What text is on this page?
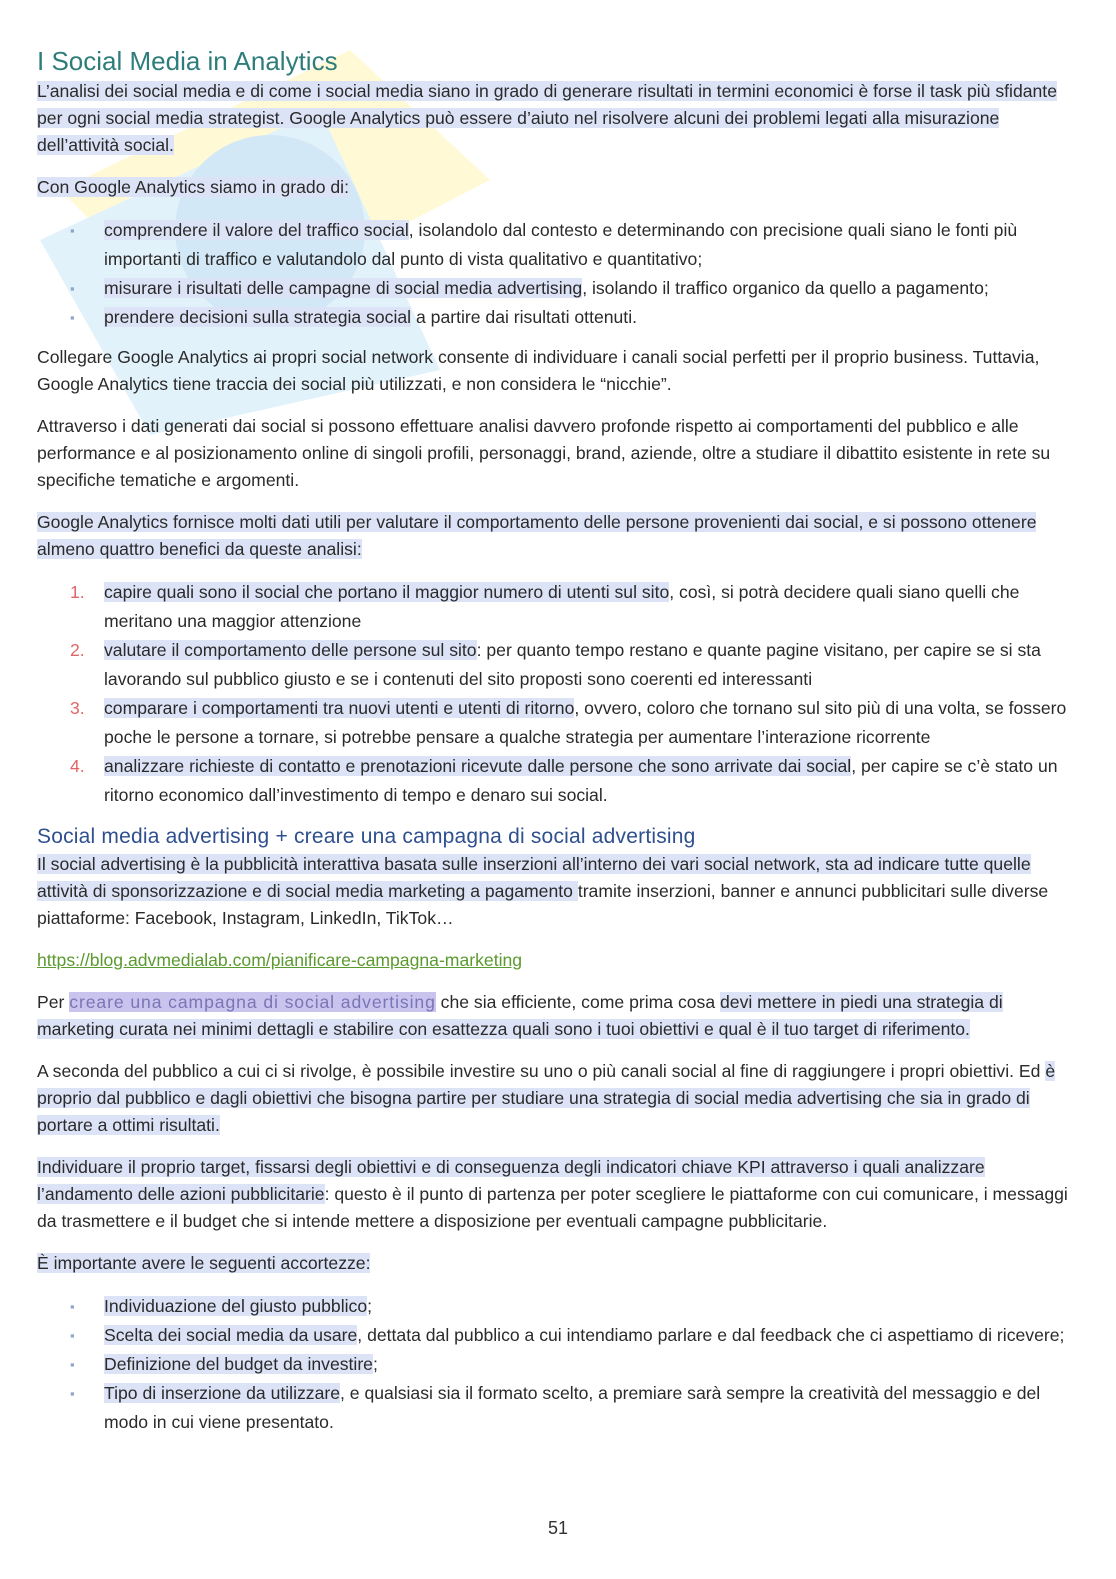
I Social Media in Analytics

L’analisi dei social media e di come i social media siano in grado di generare risultati in termini economici è forse il task più sfidante per ogni social media strategist. Google Analytics può essere d’aiuto nel risolvere alcuni dei problemi legati alla misurazione dell’attività social.

Con Google Analytics siamo in grado di:

▪ comprendere il valore del traffico social, isolandolo dal contesto e determinando con precisione quali siano le fonti più importanti di traffico e valutandolo dal punto di vista qualitativo e quantitativo;
▪ misurare i risultati delle campagne di social media advertising, isolando il traffico organico da quello a pagamento;
▪ prendere decisioni sulla strategia social a partire dai risultati ottenuti.

Collegare Google Analytics ai propri social network consente di individuare i canali social perfetti per il proprio business. Tuttavia, Google Analytics tiene traccia dei social più utilizzati, e non considera le “nicchie”.

Attraverso i dati generati dai social si possono effettuare analisi davvero profonde rispetto ai comportamenti del pubblico e alle performance e al posizionamento online di singoli profili, personaggi, brand, aziende, oltre a studiare il dibattito esistente in rete su specifiche tematiche e argomenti.

Google Analytics fornisce molti dati utili per valutare il comportamento delle persone provenienti dai social, e si possono ottenere almeno quattro benefici da queste analisi:

1. capire quali sono il social che portano il maggior numero di utenti sul sito, così, si potrà decidere quali siano quelli che meritano una maggior attenzione
2. valutare il comportamento delle persone sul sito: per quanto tempo restano e quante pagine visitano, per capire se si sta lavorando sul pubblico giusto e se i contenuti del sito proposti sono coerenti ed interessanti
3. comparare i comportamenti tra nuovi utenti e utenti di ritorno, ovvero, coloro che tornano sul sito più di una volta, se fossero poche le persone a tornare, si potrebbe pensare a qualche strategia per aumentare l’interazione ricorrente
4. analizzare richieste di contatto e prenotazioni ricevute dalle persone che sono arrivate dai social, per capire se c’è stato un ritorno economico dall’investimento di tempo e denaro sui social.
Social media advertising + creare una campagna di social advertising

Il social advertising è la pubblicità interattiva basata sulle inserzioni all’interno dei vari social network, sta ad indicare tutte quelle attività di sponsorizzazione e di social media marketing a pagamento tramite inserzioni, banner e annunci pubblicitari sulle diverse piattaforme: Facebook, Instagram, LinkedIn, TikTok…

https://blog.advmedialab.com/pianificare-campagna-marketing

Per creare una campagna di social advertising che sia efficiente, come prima cosa devi mettere in piedi una strategia di marketing curata nei minimi dettagli e stabilire con esattezza quali sono i tuoi obiettivi e qual è il tuo target di riferimento.

A seconda del pubblico a cui ci si rivolge, è possibile investire su uno o più canali social al fine di raggiungere i propri obiettivi. Ed è proprio dal pubblico e dagli obiettivi che bisogna partire per studiare una strategia di social media advertising che sia in grado di portare a ottimi risultati.

Individuare il proprio target, fissarsi degli obiettivi e di conseguenza degli indicatori chiave KPI attraverso i quali analizzare l’andamento delle azioni pubblicitarie: questo è il punto di partenza per poter scegliere le piattaforme con cui comunicare, i messaggi da trasmettere e il budget che si intende mettere a disposizione per eventuali campagne pubblicitarie.

È importante avere le seguenti accortezze:

▪ Individuazione del giusto pubblico;
▪ Scelta dei social media da usare, dettata dal pubblico a cui intendiamo parlare e dal feedback che ci aspettiamo di ricevere;
▪ Definizione del budget da investire;
▪ Tipo di inserzione da utilizzare, e qualsiasi sia il formato scelto, a premiare sarà sempre la creatività del messaggio e del modo in cui viene presentato.
51
